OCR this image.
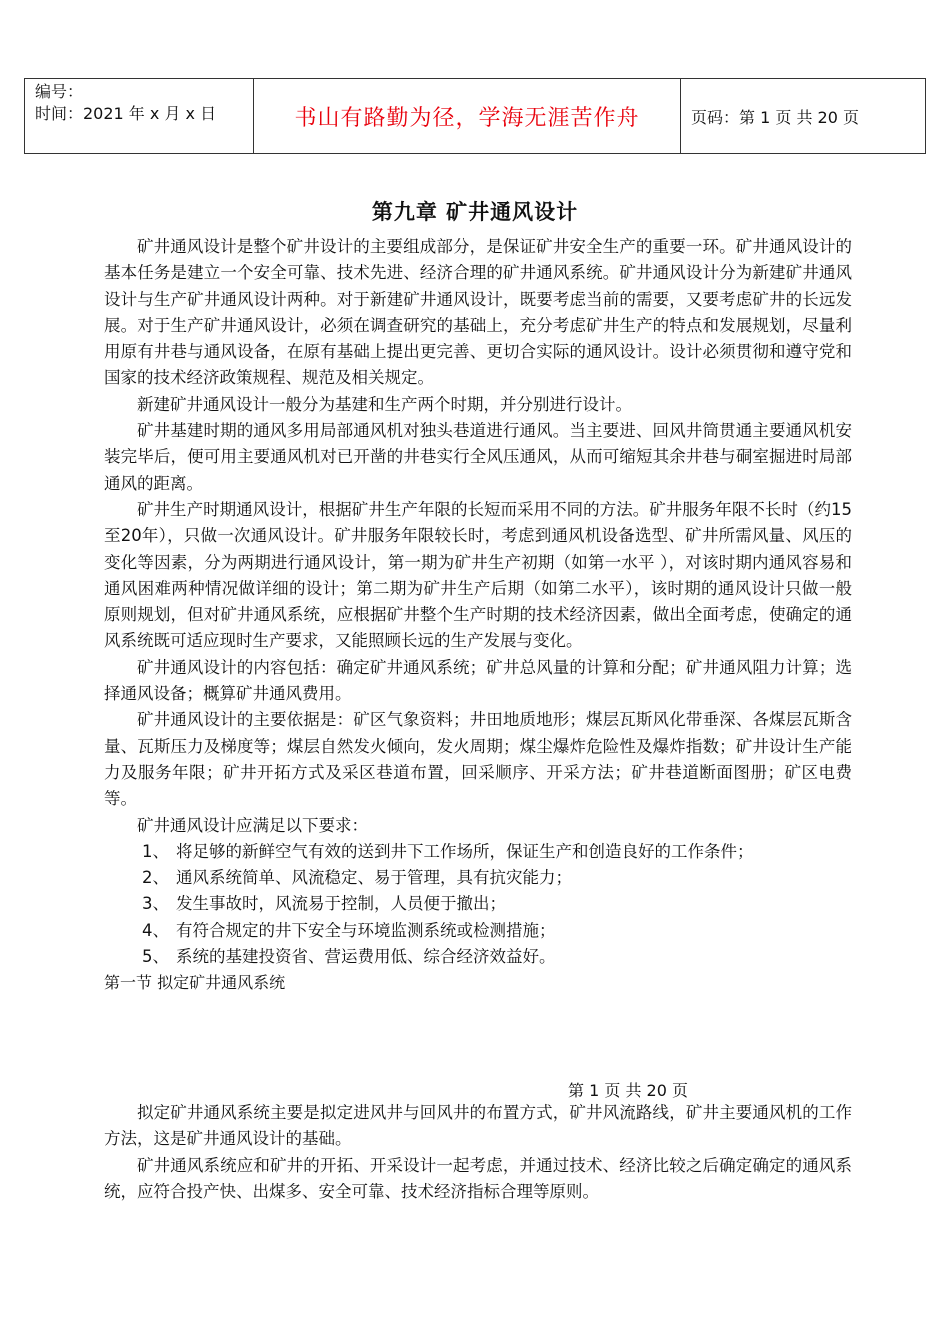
编号：
时间：2021 年 x 月 x 日	书山有路勤为径，学海无涯苦作舟	页码：第 1 页 共 20 页
第九章 矿井通风设计

矿井通风设计是整个矿井设计的主要组成部分，是保证矿井安全生产的重要一环。矿井通风设计的基本任务是建立一个安全可靠、技术先进、经济合理的矿井通风系统。矿井通风设计分为新建矿井通风设计与生产矿井通风设计两种。对于新建矿井通风设计，既要考虑当前的需要，又要考虑矿井的长远发展。对于生产矿井通风设计，必须在调查研究的基础上，充分考虑矿井生产的特点和发展规划，尽量利用原有井巷与通风设备，在原有基础上提出更完善、更切合实际的通风设计。设计必须贯彻和遵守党和国家的技术经济政策规程、规范及相关规定。

新建矿井通风设计一般分为基建和生产两个时期，并分别进行设计。

矿井基建时期的通风多用局部通风机对独头巷道进行通风。当主要进、回风井筒贯通主要通风机安装完毕后，便可用主要通风机对已开凿的井巷实行全风压通风，从而可缩短其余井巷与硐室掘进时局部通风的距离。

矿井生产时期通风设计，根据矿井生产年限的长短而采用不同的方法。矿井服务年限不长时（约15至20年），只做一次通风设计。矿井服务年限较长时，考虑到通风机设备选型、矿井所需风量、风压的变化等因素，分为两期进行通风设计，第一期为矿井生产初期（如第一水平 ），对该时期内通风容易和通风困难两种情况做详细的设计；第二期为矿井生产后期（如第二水平），该时期的通风设计只做一般原则规划，但对矿井通风系统，应根据矿井整个生产时期的技术经济因素，做出全面考虑，使确定的通风系统既可适应现时生产要求，又能照顾长远的生产发展与变化。

矿井通风设计的内容包括：确定矿井通风系统；矿井总风量的计算和分配；矿井通风阻力计算；选择通风设备；概算矿井通风费用。

矿井通风设计的主要依据是：矿区气象资料；井田地质地形；煤层瓦斯风化带垂深、各煤层瓦斯含量、瓦斯压力及梯度等；煤层自然发火倾向，发火周期；煤尘爆炸危险性及爆炸指数；矿井设计生产能力及服务年限；矿井开拓方式及采区巷道布置，回采顺序、开采方法；矿井巷道断面图册；矿区电费等。

矿井通风设计应满足以下要求：

1、 将足够的新鲜空气有效的送到井下工作场所，保证生产和创造良好的工作条件；

2、 通风系统简单、风流稳定、易于管理，具有抗灾能力；

3、 发生事故时，风流易于控制，人员便于撤出；

4、 有符合规定的井下安全与环境监测系统或检测措施；

5、 系统的基建投资省、营运费用低、综合经济效益好。

第一节 拟定矿井通风系统

第 1 页 共 20 页

拟定矿井通风系统主要是拟定进风井与回风井的布置方式，矿井风流路线，矿井主要通风机的工作方法，这是矿井通风设计的基础。

矿井通风系统应和矿井的开拓、开采设计一起考虑，并通过技术、经济比较之后确定确定的通风系统，应符合投产快、出煤多、安全可靠、技术经济指标合理等原则。
